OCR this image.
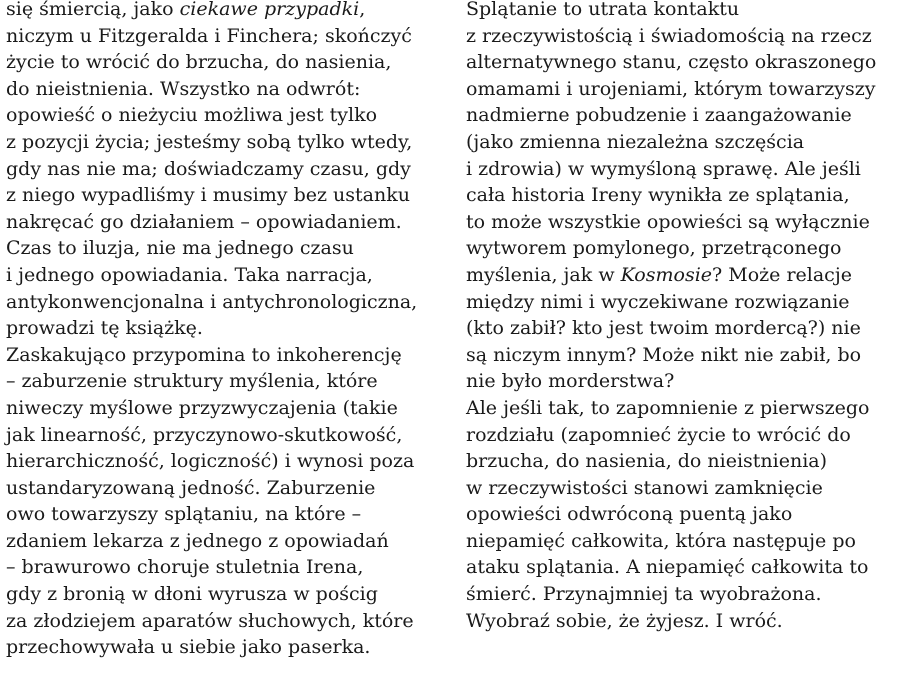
się śmiercią, jako ciekawe przypadki,
niczym u Fitzgeralda i Finchera; skończyć
życie to wrócić do brzucha, do nasienia,
do nieistnienia. Wszystko na odwrót:
opowieść o nieżyciu możliwa jest tylko
z pozycji życia; jesteśmy sobą tylko wtedy,
gdy nas nie ma; doświadczamy czasu, gdy
z niego wypadliśmy i musimy bez ustanku
nakręcać go działaniem – opowiadaniem.
Czas to iluzja, nie ma jednego czasu
i jednego opowiadania. Taka narracja,
antykonwencjonalna i antychronologiczna,
prowadzi tę książkę.
Zaskakująco przypomina to inkoherencję
– zaburzenie struktury myślenia, które
niweczy myślowe przyzwyczajenia (takie
jak linearność, przyczynowo-skutkowość,
hierarchiczność, logiczność) i wynosi poza
ustandaryzowaną jedność. Zaburzenie
owo towarzyszy splątaniu, na które –
zdaniem lekarza z jednego z opowiadań
– brawurowo choruje stuletnia Irena,
gdy z bronią w dłoni wyrusza w pościg
za złodziejem aparatów słuchowych, które
przechowywała u siebie jako paserka.
Splątanie to utrata kontaktu
z rzeczywistością i świadomością na rzecz
alternatywnego stanu, często okraszonego
omamami i urojeniami, którym towarzyszy
nadmierne pobudzenie i zaangażowanie
(jako zmienna niezależna szczęścia
i zdrowia) w wymyśloną sprawę. Ale jeśli
cała historia Ireny wynikła ze splątania,
to może wszystkie opowieści są wyłącznie
wytworem pomylonego, przetrąconego
myślenia, jak w Kosmosie? Może relacje
między nimi i wyczekiwane rozwiązanie
(kto zabił? kto jest twoim mordercą?) nie
są niczym innym? Może nikt nie zabił, bo
nie było morderstwa?
Ale jeśli tak, to zapomnienie z pierwszego
rozdziału (zapomnieć życie to wrócić do
brzucha, do nasienia, do nieistnienia)
w rzeczywistości stanowi zamknięcie
opowieści odwróconą puentą jako
niepamięć całkowita, która następuje po
ataku splątania. A niepamięć całkowita to
śmierć. Przynajmniej ta wyobrażona.
Wyobraź sobie, że żyjesz. I wróć.
